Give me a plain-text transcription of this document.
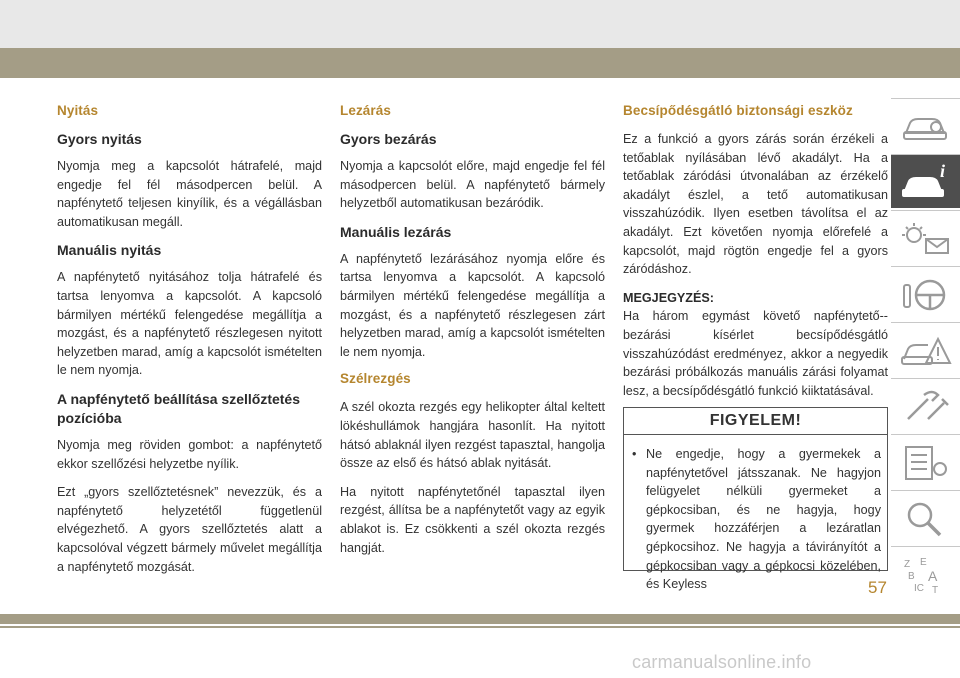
Nyitás
Gyors nyitás

Nyomja meg a kapcsolót hátrafelé, majd engedje fel fél másodpercen belül. A napfénytető teljesen kinyílik, és a végállásban automatikusan megáll.

Manuális nyitás

A napfénytető nyitásához tolja hátrafelé és tartsa lenyomva a kapcsolót. A kapcsoló bármilyen mértékű felengedése megállítja a mozgást, és a napfénytető részlegesen nyitott helyzetben marad, amíg a kapcsolót ismételten le nem nyomja.

A napfénytető beállítása szellőztetés pozícióba

Nyomja meg röviden gombot: a napfénytető ekkor szellőzési helyzetbe nyílik.

Ezt „gyors szellőztetésnek” nevezzük, és a napfénytető helyzetétől függetlenül elvégezhető. A gyors szellőztetés alatt a kapcsolóval végzett bármely művelet megállítja a napfénytető mozgását.

Lezárás
Gyors bezárás

Nyomja a kapcsolót előre, majd engedje fel fél másodpercen belül. A napfénytető bármely helyzetből automatikusan bezáródik.

Manuális lezárás

A napfénytető lezárásához nyomja előre és tartsa lenyomva a kapcsolót. A kapcsoló bármilyen mértékű felengedése megállítja a mozgást, és a napfénytető részlegesen zárt helyzetben marad, amíg a kapcsolót ismételten le nem nyomja.

Szélrezgés

A szél okozta rezgés egy helikopter által keltett lökéshullámok hangjára hasonlít. Ha nyitott hátsó ablaknál ilyen rezgést tapasztal, hangolja össze az első és hátsó ablak nyitását.

Ha nyitott napfénytetőnél tapasztal ilyen rezgést, állítsa be a napfénytetőt vagy az egyik ablakot is. Ez csökkenti a szél okozta rezgés hangját.

Becsípődésgátló biztonsági eszköz

Ez a funkció a gyors zárás során érzékeli a tetőablak nyílásában lévő akadályt. Ha a tetőablak záródási útvonalában az érzékelő akadályt észlel, a tető automatikusan visszahúzódik. Ilyen esetben távolítsa el az akadályt. Ezt követően nyomja előrefelé a kapcsolót, majd rögtön engedje fel a gyors záródáshoz.

MEGJEGYZÉS:

Ha három egymást követő napfénytető--bezárási kísérlet becsípődésgátló visszahúzódást eredményez, akkor a negyedik bezárási próbálkozás manuális zárási folyamat lesz, a becsípődésgátló funkció kiiktatásával.

FIGYELEM!
• Ne engedje, hogy a gyermekek a napfénytetővel játsszanak. Ne hagyjon felügyelet nélküli gyermeket a gépkocsiban, és ne hagyja, hogy gyermek hozzáférjen a lezáratlan gépkocsihoz. Ne hagyja a távirányítót a gépkocsiban vagy a gépkocsi közelében, és Keyless
i
Z E
B A
IC T
57
carmanualsonline.info
